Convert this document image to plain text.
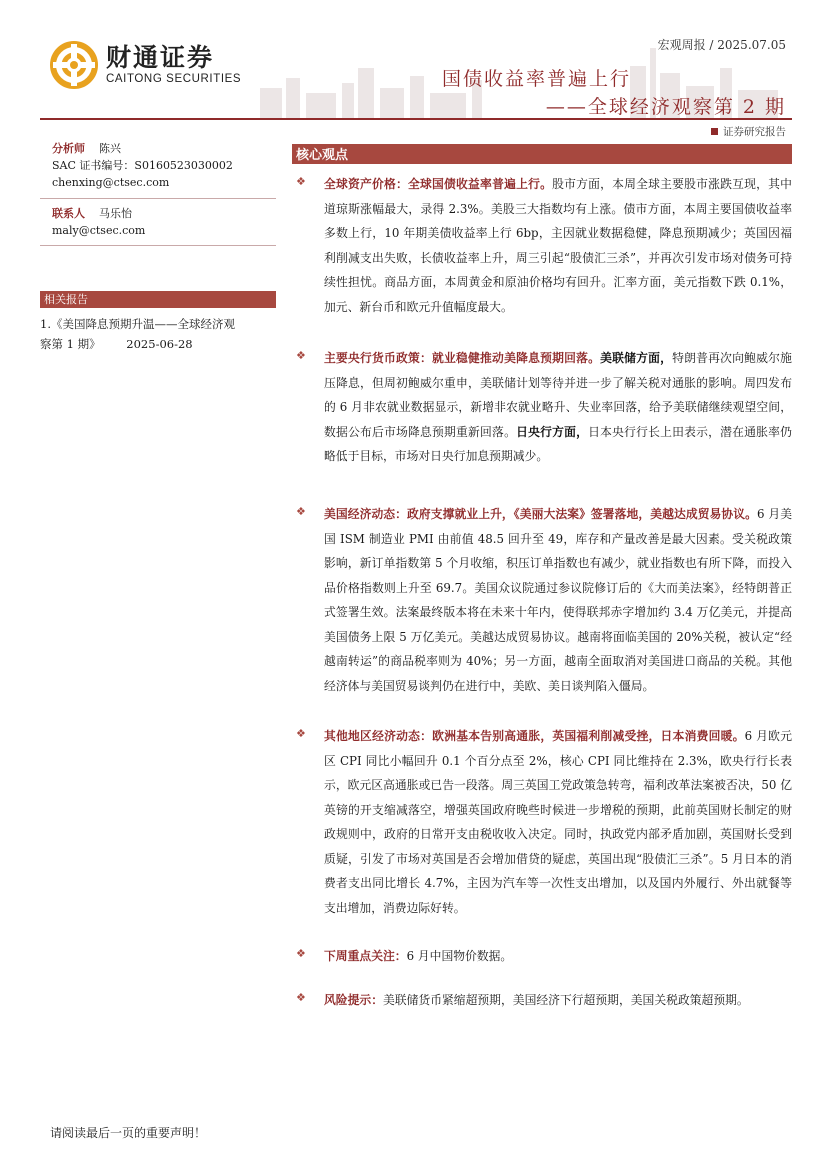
财通证券
CAITONG SECURITIES
宏观周报 / 2025.07.05
国债收益率普遍上行
——全球经济观察第 2 期
证券研究报告
分析师 陈兴
SAC 证书编号：S0160523030002
chenxing@ctsec.com
联系人 马乐怡
maly@ctsec.com
相关报告
1.《美国降息预期升温——全球经济观
察第 1 期》 2025-06-28
核心观点
❖ 全球资产价格：全球国债收益率普遍上行。股市方面，本周全球主要股市涨跌互现，其中道琼斯涨幅最大，录得 2.3%。美股三大指数均有上涨。债市方面，本周主要国债收益率多数上行，10 年期美债收益率上行 6bp，主因就业数据稳健，降息预期减少；英国因福利削减支出失败，长债收益率上升，周三引起“股债汇三杀”，并再次引发市场对债务可持续性担忧。商品方面，本周黄金和原油价格均有回升。汇率方面，美元指数下跌 0.1%，加元、新台币和欧元升值幅度最大。

❖ 主要央行货币政策：就业稳健推动美降息预期回落。美联储方面，特朗普再次向鲍威尔施压降息，但周初鲍威尔重申，美联储计划等待并进一步了解关税对通胀的影响。周四发布的 6 月非农就业数据显示，新增非农就业略升、失业率回落，给予美联储继续观望空间，数据公布后市场降息预期重新回落。日央行方面，日本央行行长上田表示，潜在通胀率仍略低于目标，市场对日央行加息预期减少。

❖ 美国经济动态：政府支撑就业上升，《美丽大法案》签署落地，美越达成贸易协议。6 月美国 ISM 制造业 PMI 由前值 48.5 回升至 49，库存和产量改善是最大因素。受关税政策影响，新订单指数第 5 个月收缩，积压订单指数也有减少，就业指数也有所下降，而投入品价格指数则上升至 69.7。美国众议院通过参议院修订后的《大而美法案》，经特朗普正式签署生效。法案最终版本将在未来十年内，使得联邦赤字增加约 3.4 万亿美元，并提高美国债务上限 5 万亿美元。美越达成贸易协议。越南将面临美国的 20%关税，被认定“经越南转运”的商品税率则为 40%；另一方面，越南全面取消对美国进口商品的关税。其他经济体与美国贸易谈判仍在进行中，美欧、美日谈判陷入僵局。

❖ 其他地区经济动态：欧洲基本告别高通胀，英国福利削减受挫，日本消费回暖。6 月欧元区 CPI 同比小幅回升 0.1 个百分点至 2%，核心 CPI 同比维持在 2.3%，欧央行行长表示，欧元区高通胀或已告一段落。周三英国工党政策急转弯，福利改革法案被否决，50 亿英镑的开支缩减落空，增强英国政府晚些时候进一步增税的预期，此前英国财长制定的财政规则中，政府的日常开支由税收收入决定。同时，执政党内部矛盾加剧，英国财长受到质疑，引发了市场对英国是否会增加借贷的疑虑，英国出现“股债汇三杀”。5 月日本的消费者支出同比增长 4.7%，主因为汽车等一次性支出增加，以及国内外履行、外出就餐等支出增加，消费边际好转。

❖ 下周重点关注：6 月中国物价数据。

❖ 风险提示：美联储货币紧缩超预期，美国经济下行超预期，美国关税政策超预期。

请阅读最后一页的重要声明！
